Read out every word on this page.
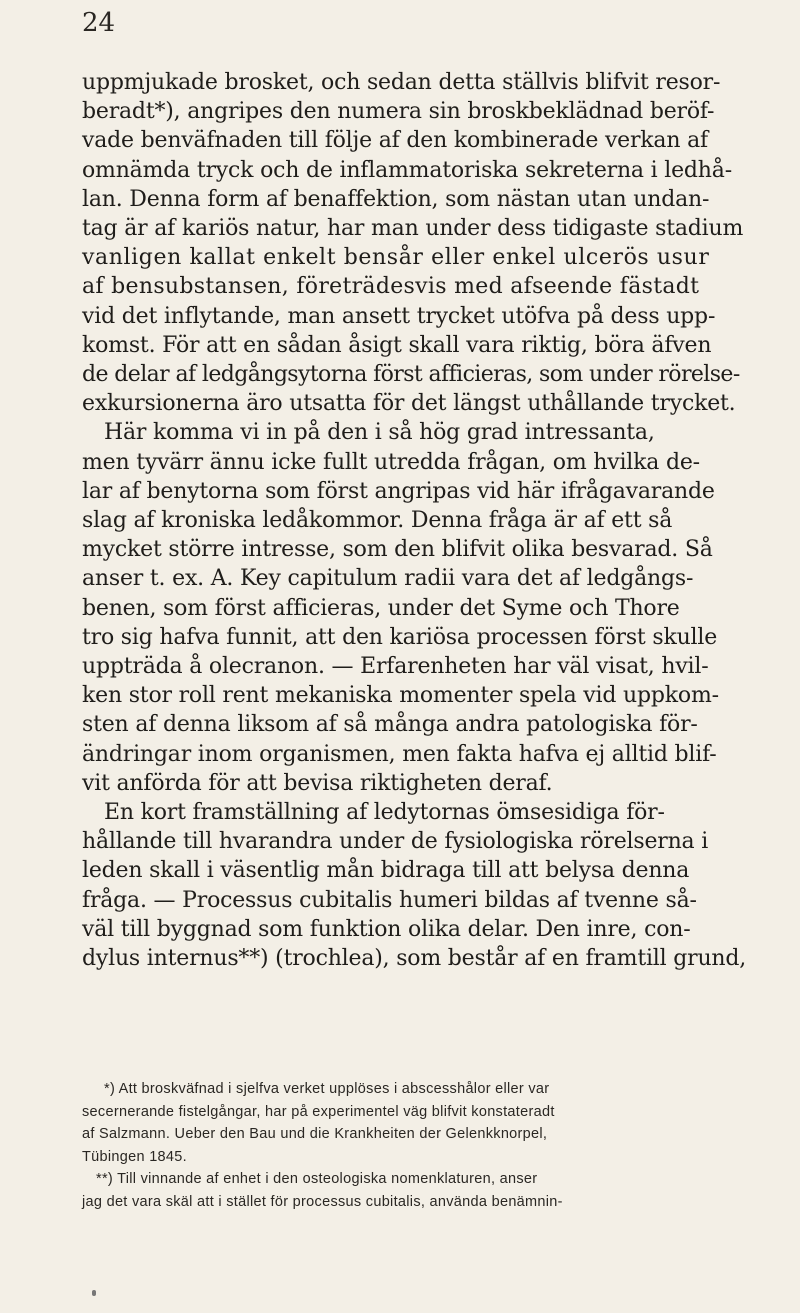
24
uppmjukade brosket, och sedan detta ställvis blifvit resor-
beradt*), angripes den numera sin broskbeklädnad beröf-
vade benväfnaden till följe af den kombinerade verkan af
omnämda tryck och de inflammatoriska sekreterna i ledhå-
lan. Denna form af benaffektion, som nästan utan undan-
tag är af kariös natur, har man under dess tidigaste stadium
vanligen kallat enkelt bensår eller enkel ulcerös usur
af bensubstansen, företrädesvis med afseende fästadt
vid det inflytande, man ansett trycket utöfva på dess upp-
komst. För att en sådan åsigt skall vara riktig, böra äfven
de delar af ledgångsytorna först afficieras, som under rörelse-
exkursionerna äro utsatta för det längst uthållande trycket.
Här komma vi in på den i så hög grad intressanta,
men tyvärr ännu icke fullt utredda frågan, om hvilka de-
lar af benytorna som först angripas vid här ifrågavarande
slag af kroniska ledåkommor. Denna fråga är af ett så
mycket större intresse, som den blifvit olika besvarad. Så
anser t. ex. A. Key capitulum radii vara det af ledgångs-
benen, som först afficieras, under det Syme och Thore
tro sig hafva funnit, att den kariösa processen först skulle
uppträda å olecranon. — Erfarenheten har väl visat, hvil-
ken stor roll rent mekaniska momenter spela vid uppkom-
sten af denna liksom af så många andra patologiska för-
ändringar inom organismen, men fakta hafva ej alltid blif-
vit anförda för att bevisa riktigheten deraf.
En kort framställning af ledytornas ömsesidiga för-
hållande till hvarandra under de fysiologiska rörelserna i
leden skall i väsentlig mån bidraga till att belysa denna
fråga. — Processus cubitalis humeri bildas af tvenne så-
väl till byggnad som funktion olika delar. Den inre, con-
dylus internus**) (trochlea), som består af en framtill grund,
*) Att broskväfnad i sjelfva verket upplöses i abscesshålor eller var
secernerande fistelgångar, har på experimentel väg blifvit konstateradt
af Salzmann. Ueber den Bau und die Krankheiten der Gelenkknorpel,
Tübingen 1845.
**) Till vinnande af enhet i den osteologiska nomenklaturen, anser
jag det vara skäl att i stället för processus cubitalis, använda benämnin-
